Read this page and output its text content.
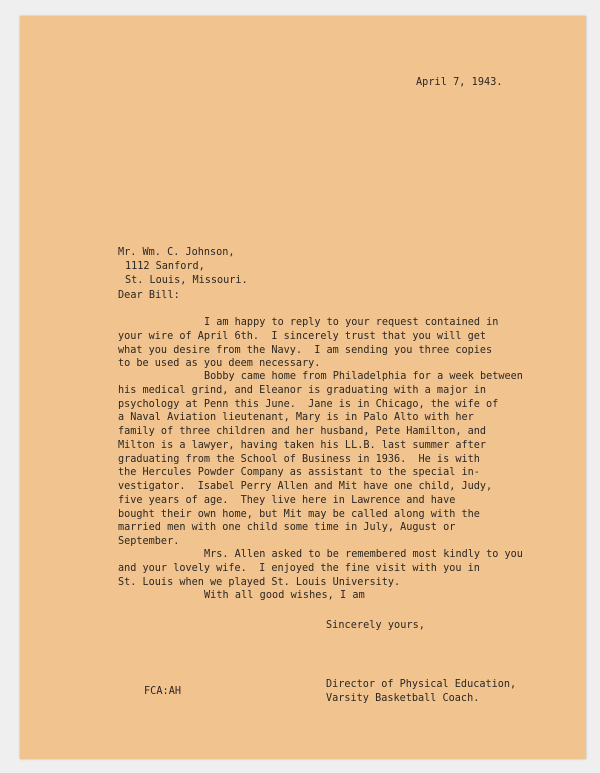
April 7, 1943.
Mr. Wm. C. Johnson,
1112 Sanford,
St. Louis, Missouri.
Dear Bill:
I am happy to reply to your request contained in
your wire of April 6th.  I sincerely trust that you will get
what you desire from the Navy.  I am sending you three copies
to be used as you deem necessary.
Bobby came home from Philadelphia for a week between
his medical grind, and Eleanor is graduating with a major in
psychology at Penn this June.  Jane is in Chicago, the wife of
a Naval Aviation lieutenant, Mary is in Palo Alto with her
family of three children and her husband, Pete Hamilton, and
Milton is a lawyer, having taken his LL.B. last summer after
graduating from the School of Business in 1936.  He is with
the Hercules Powder Company as assistant to the special in-
vestigator.  Isabel Perry Allen and Mit have one child, Judy,
five years of age.  They live here in Lawrence and have
bought their own home, but Mit may be called along with the
married men with one child some time in July, August or
September.
Mrs. Allen asked to be remembered most kindly to you
and your lovely wife.  I enjoyed the fine visit with you in
St. Louis when we played St. Louis University.
With all good wishes, I am
Sincerely yours,
Director of Physical Education,
Varsity Basketball Coach.
FCA:AH
